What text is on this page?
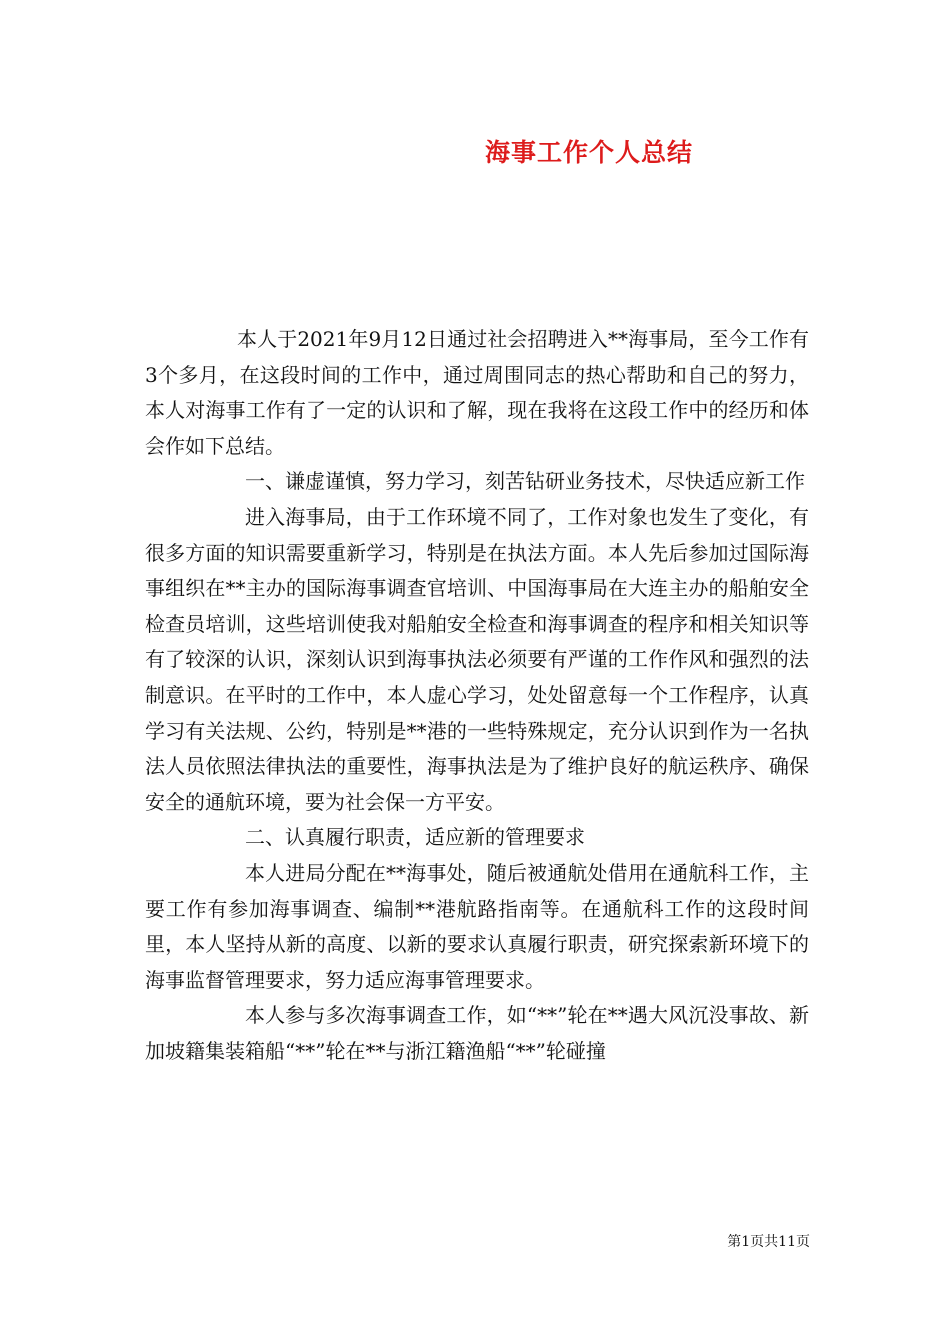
海事工作个人总结

本人于2021年9月12日通过社会招聘进入**海事局，至今工作有3个多月，在这段时间的工作中，通过周围同志的热心帮助和自己的努力，本人对海事工作有了一定的认识和了解，现在我将在这段工作中的经历和体会作如下总结。

一、谦虚谨慎，努力学习，刻苦钻研业务技术，尽快适应新工作

进入海事局，由于工作环境不同了，工作对象也发生了变化，有很多方面的知识需要重新学习，特别是在执法方面。本人先后参加过国际海事组织在**主办的国际海事调查官培训、中国海事局在大连主办的船舶安全检查员培训，这些培训使我对船舶安全检查和海事调查的程序和相关知识等有了较深的认识，深刻认识到海事执法必须要有严谨的工作作风和强烈的法制意识。在平时的工作中，本人虚心学习，处处留意每一个工作程序，认真学习有关法规、公约，特别是**港的一些特殊规定，充分认识到作为一名执法人员依照法律执法的重要性，海事执法是为了维护良好的航运秩序、确保安全的通航环境，要为社会保一方平安。

二、认真履行职责，适应新的管理要求

本人进局分配在**海事处，随后被通航处借用在通航科工作，主要工作有参加海事调查、编制**港航路指南等。在通航科工作的这段时间里，本人坚持从新的高度、以新的要求认真履行职责，研究探索新环境下的海事监督管理要求，努力适应海事管理要求。

本人参与多次海事调查工作，如“**”轮在**遇大风沉没事故、新加坡籍集装箱船“**”轮在**与浙江籍渔船“**”轮碰撞

第1页共11页
